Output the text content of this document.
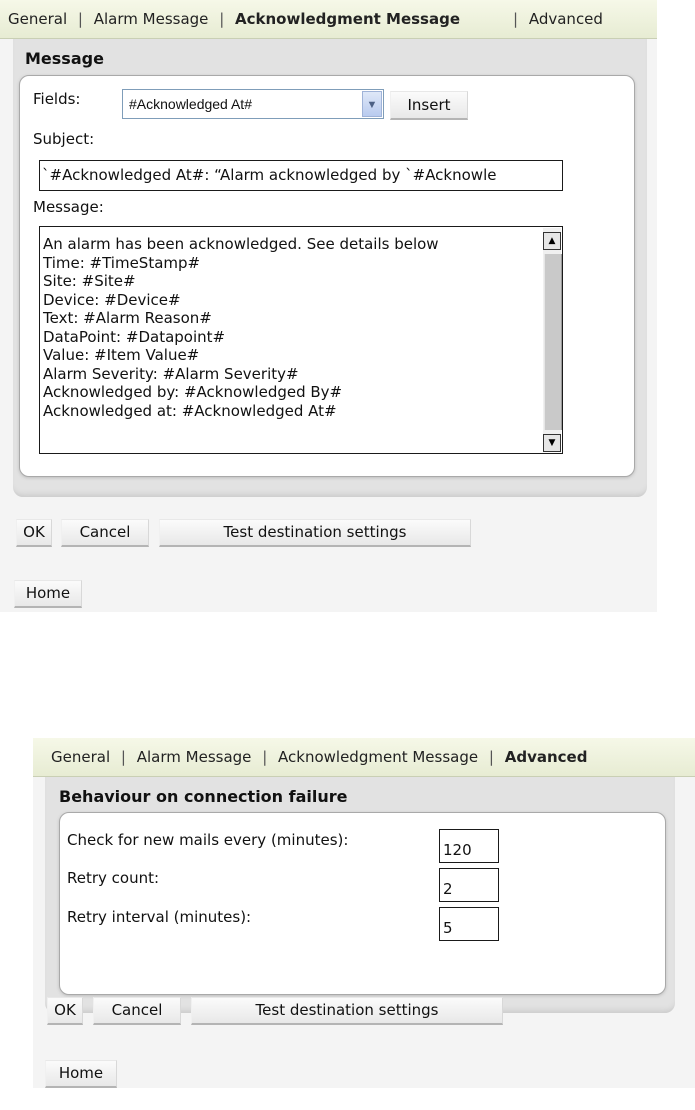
General | Alarm Message | Acknowledgment Message	| Advanced
Message
Fields:	#Acknowledged At#	▼	Insert
Subject:
`#Acknowledged At#: “Alarm acknowledged by `#Acknowle
Message:
An alarm has been acknowledged. See details below
Time: #TimeStamp#
Site: #Site#
Device: #Device#
Text: #Alarm Reason#
DataPoint: #Datapoint#
Value: #Item Value#
Alarm Severity: #Alarm Severity#
Acknowledged by: #Acknowledged By#
Acknowledged at: #Acknowledged At#
▲
▼
OK	Cancel	Test destination settings
Home
General | Alarm Message | Acknowledgment Message | Advanced
Behaviour on connection failure
Check for new mails every (minutes):
120
Retry count:
2
Retry interval (minutes):
5
OK	Cancel	Test destination settings
Home
